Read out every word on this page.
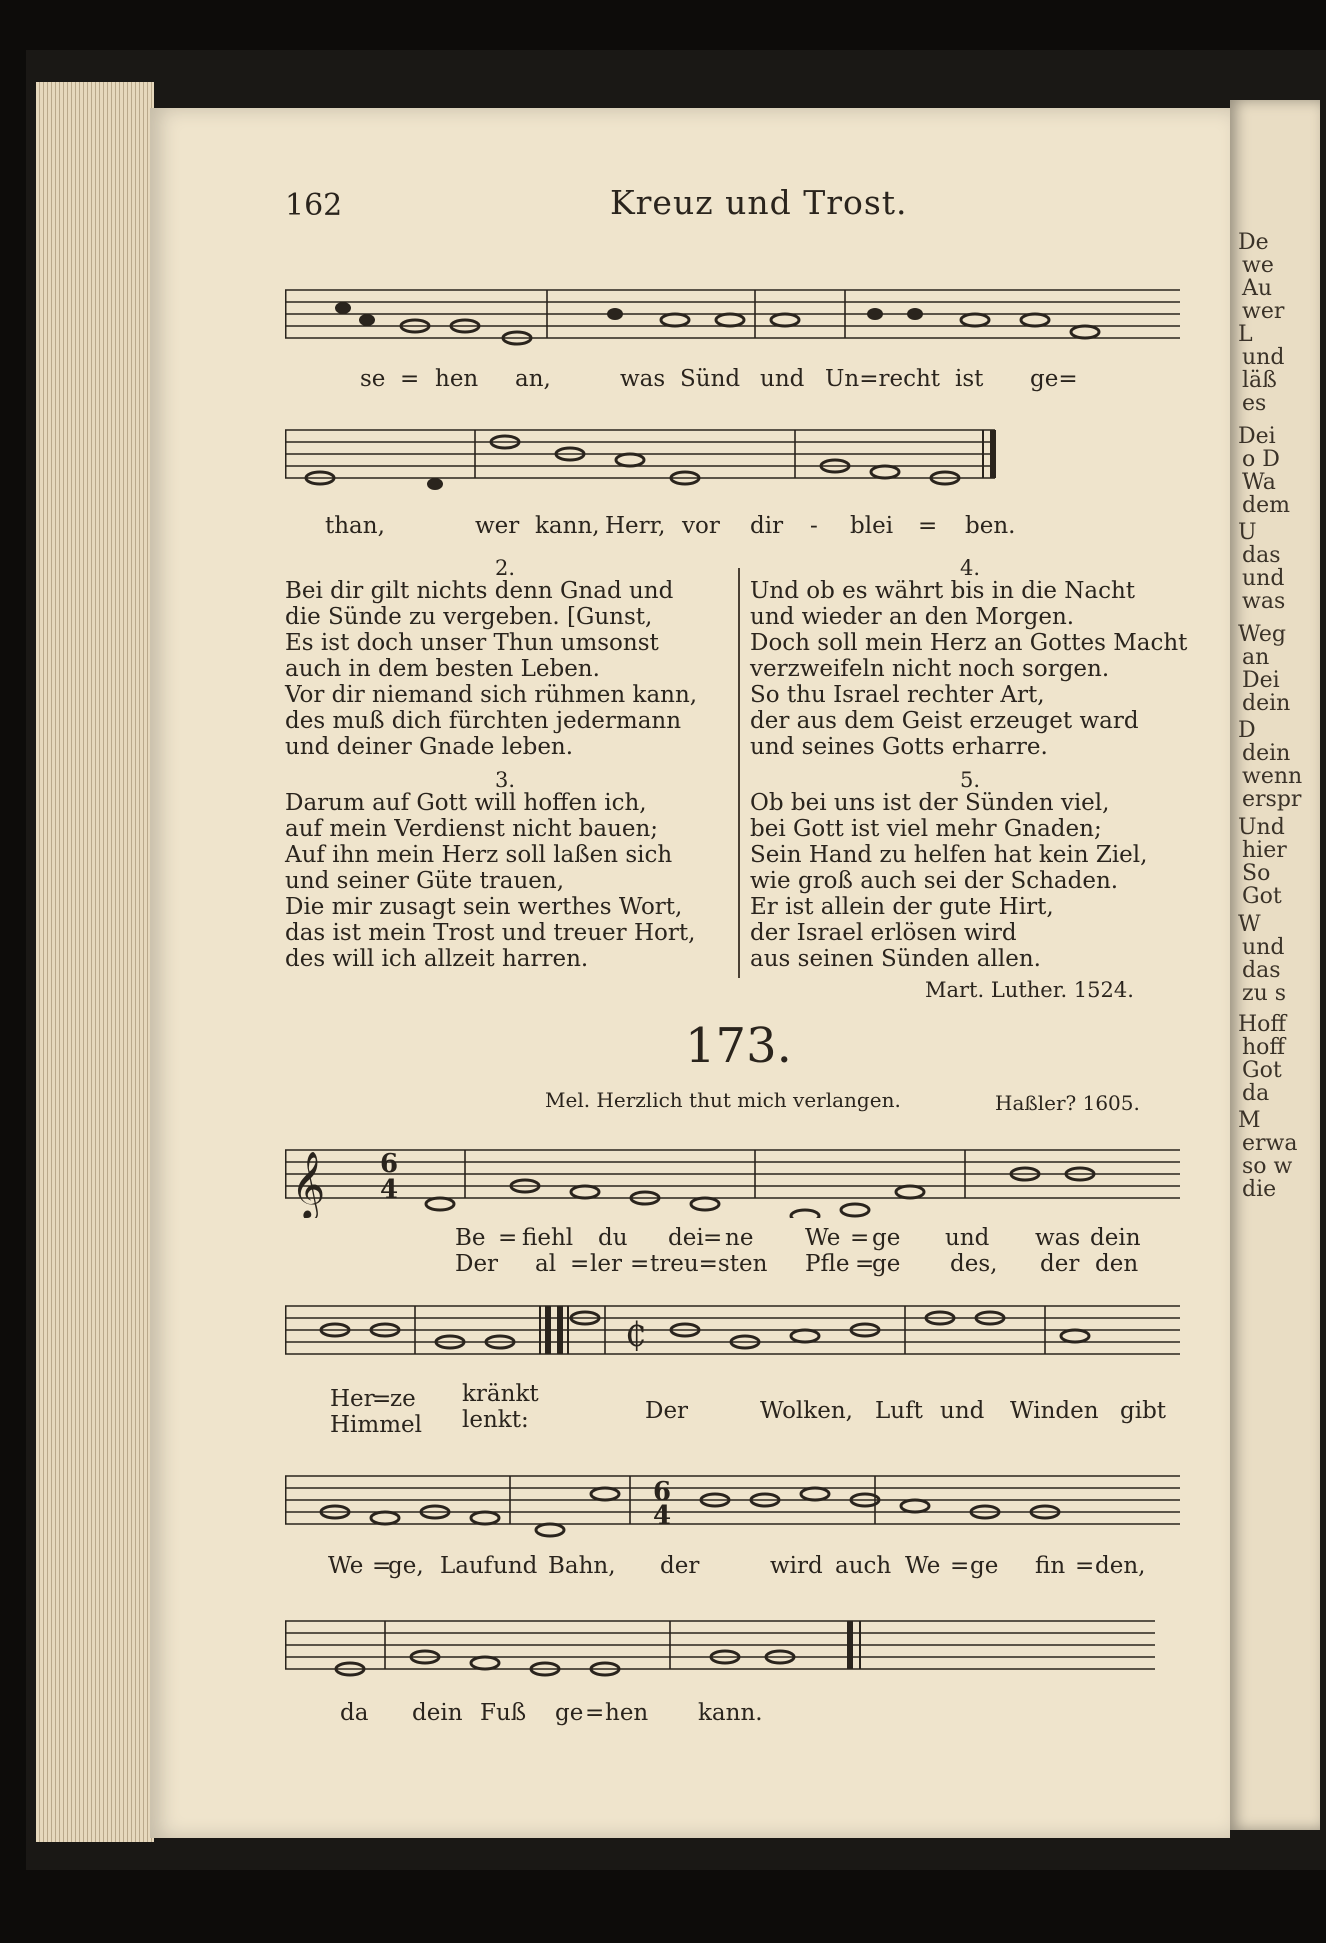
162	Kreuz und Trost.
se = hen an,	was Sünd und Un=recht ist ge=
than,	wer kann, Herr, vor dir - blei = ben.
2.
Bei dir gilt nichts denn Gnad und
die Sünde zu vergeben. [Gunst,
Es ist doch unser Thun umsonst
auch in dem besten Leben.
Vor dir niemand sich rühmen kann,
des muß dich fürchten jedermann
und deiner Gnade leben.
3.
Darum auf Gott will hoffen ich,
auf mein Verdienst nicht bauen;
Auf ihn mein Herz soll laßen sich
und seiner Güte trauen,
Die mir zusagt sein werthes Wort,
das ist mein Trost und treuer Hort,
des will ich allzeit harren.
4.
Und ob es währt bis in die Nacht
und wieder an den Morgen.
Doch soll mein Herz an Gottes Macht
verzweifeln nicht noch sorgen.
So thu Israel rechter Art,
der aus dem Geist erzeuget ward
und seines Gotts erharre.
5.
Ob bei uns ist der Sünden viel,
bei Gott ist viel mehr Gnaden;
Sein Hand zu helfen hat kein Ziel,
wie groß auch sei der Schaden.
Er ist allein der gute Hirt,
der Israel erlösen wird
aus seinen Sünden allen.
Mart. Luther. 1524.
173.
Mel. Herzlich thut mich verlangen.	Haßler? 1605.
𝄞 6
4
Be = fiehl du dei = ne We = ge und was dein
Der al = ler = treu=sten Pfle =
ge des, der den
₵
Her
=
ze kränkt
Himmel lenkt:	Der	Wolken, Luft und Winden gibt
6
4
We =
ge, Lauf und Bahn, der	wird auch We = ge fin = den,
da dein Fuß ge = hen kann.
De
we
Au
wer
L
und
läß
es
Dei
o D
Wa
dem
U
das
und
was
Weg
an
Dei
dein
D
dein
wenn
erspr
Und
hier
So
Got
W
und
das
zu s
Hoff
hoff
Got
da
M
erwa
so w
die
